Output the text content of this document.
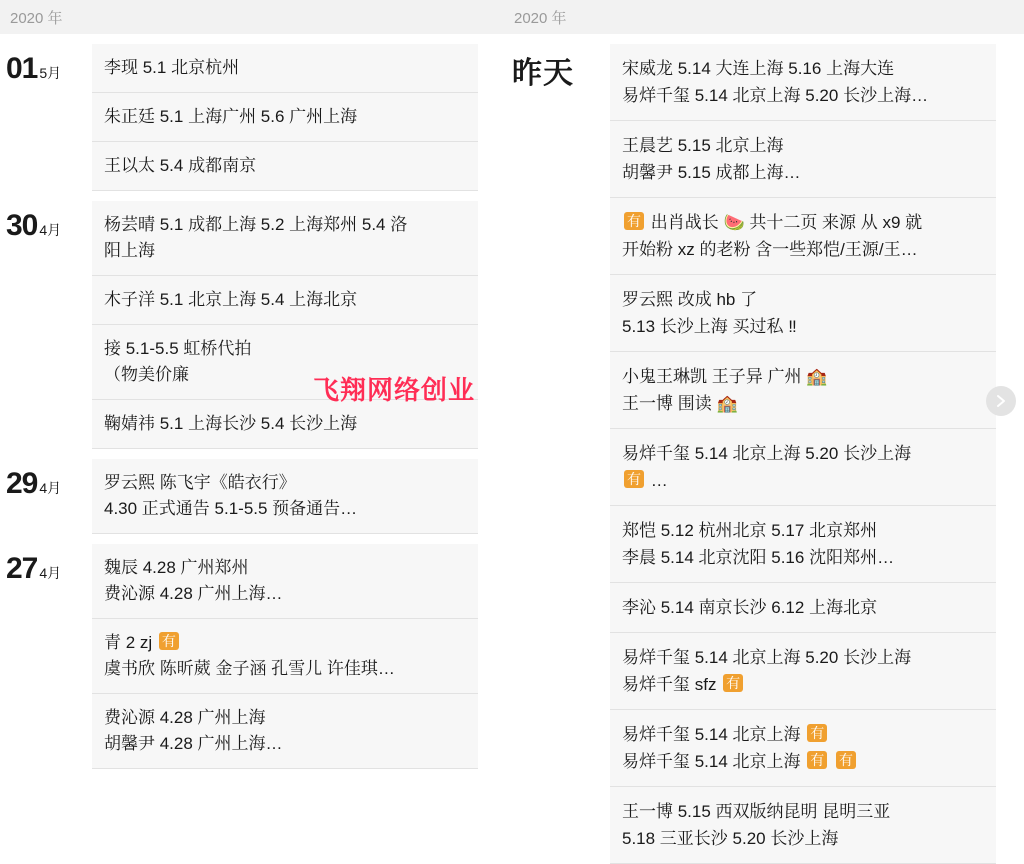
2020 年
01 5月	李现 5.1 北京杭州
朱正廷 5.1 上海广州 5.6 广州上海
王以太 5.4 成都南京
30 4月	杨芸晴 5.1 成都上海 5.2 上海郑州 5.4 洛
阳上海
木子洋 5.1 北京上海 5.4 上海北京
接 5.1-5.5 虹桥代拍
（物美价廉
鞠婧祎 5.1 上海长沙 5.4 长沙上海
29 4月	罗云熙 陈飞宇《皓衣行》
4.30 正式通告 5.1-5.5 预备通告…
27 4月	魏辰 4.28 广州郑州
费沁源 4.28 广州上海…
青 2 zj 有
虞书欣 陈昕葳 金子涵 孔雪儿 许佳琪…
费沁源 4.28 广州上海
胡馨尹 4.28 广州上海…
2020 年
昨天	宋威龙 5.14 大连上海 5.16 上海大连
易烊千玺 5.14 北京上海 5.20 长沙上海…
王晨艺 5.15 北京上海
胡馨尹 5.15 成都上海…
有 出肖战长 🍉 共十二页 来源 从 x9 就
开始粉 xz 的老粉 含一些郑恺/王源/王…
罗云熙 改成 hb 了
5.13 长沙上海 买过私 ‼
小鬼王琳凯 王子异 广州 🏫
王一博 围读 🏫
易烊千玺 5.14 北京上海 5.20 长沙上海
有 …
郑恺 5.12 杭州北京 5.17 北京郑州
李晨 5.14 北京沈阳 5.16 沈阳郑州…
李沁 5.14 南京长沙 6.12 上海北京
易烊千玺 5.14 北京上海 5.20 长沙上海
易烊千玺 sfz 有
易烊千玺 5.14 北京上海 有
易烊千玺 5.14 北京上海 有 有
王一博 5.15 西双版纳昆明 昆明三亚
5.18 三亚长沙 5.20 长沙上海
飞翔网络创业
